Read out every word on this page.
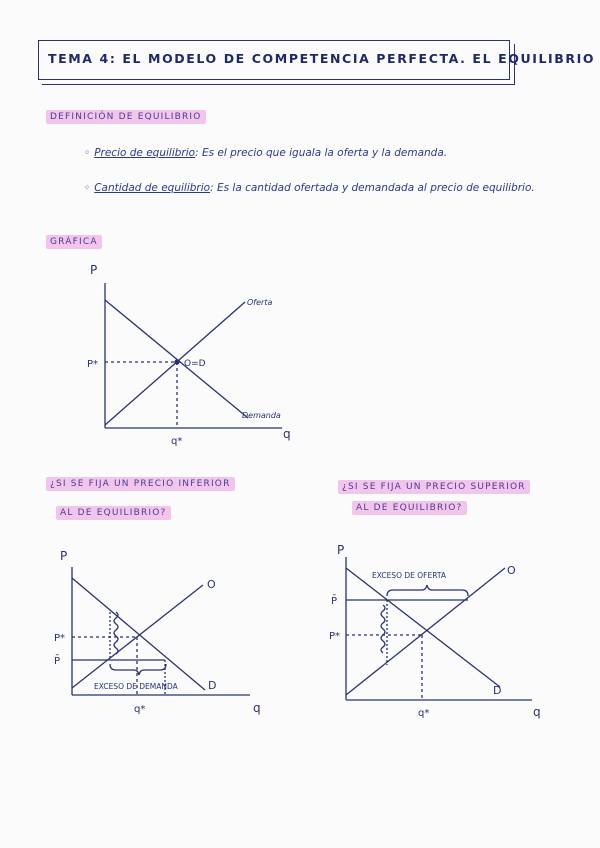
TEMA 4: EL MODELO DE COMPETENCIA PERFECTA. EL EQUILIBRIO
DEFINICIÓN DE EQUILIBRIO
◦ Precio de equilibrio: Es el precio que iguala la oferta y la demanda.
◦ Cantidad de equilibrio: Es la cantidad ofertada y demandada al precio de equilibrio.
GRÁFICA
¿SI SE FIJA UN PRECIO INFERIOR
AL DE EQUILIBRIO?
¿SI SE FIJA UN PRECIO SUPERIOR
AL DE EQUILIBRIO?
P
q
P*
q*
O=D
Oferta
Demanda
P
q
P*
P̄
q*
O
D
EXCESO DE DEMANDA
P
q
P̄
P*
q*
O
D
EXCESO DE OFERTA
